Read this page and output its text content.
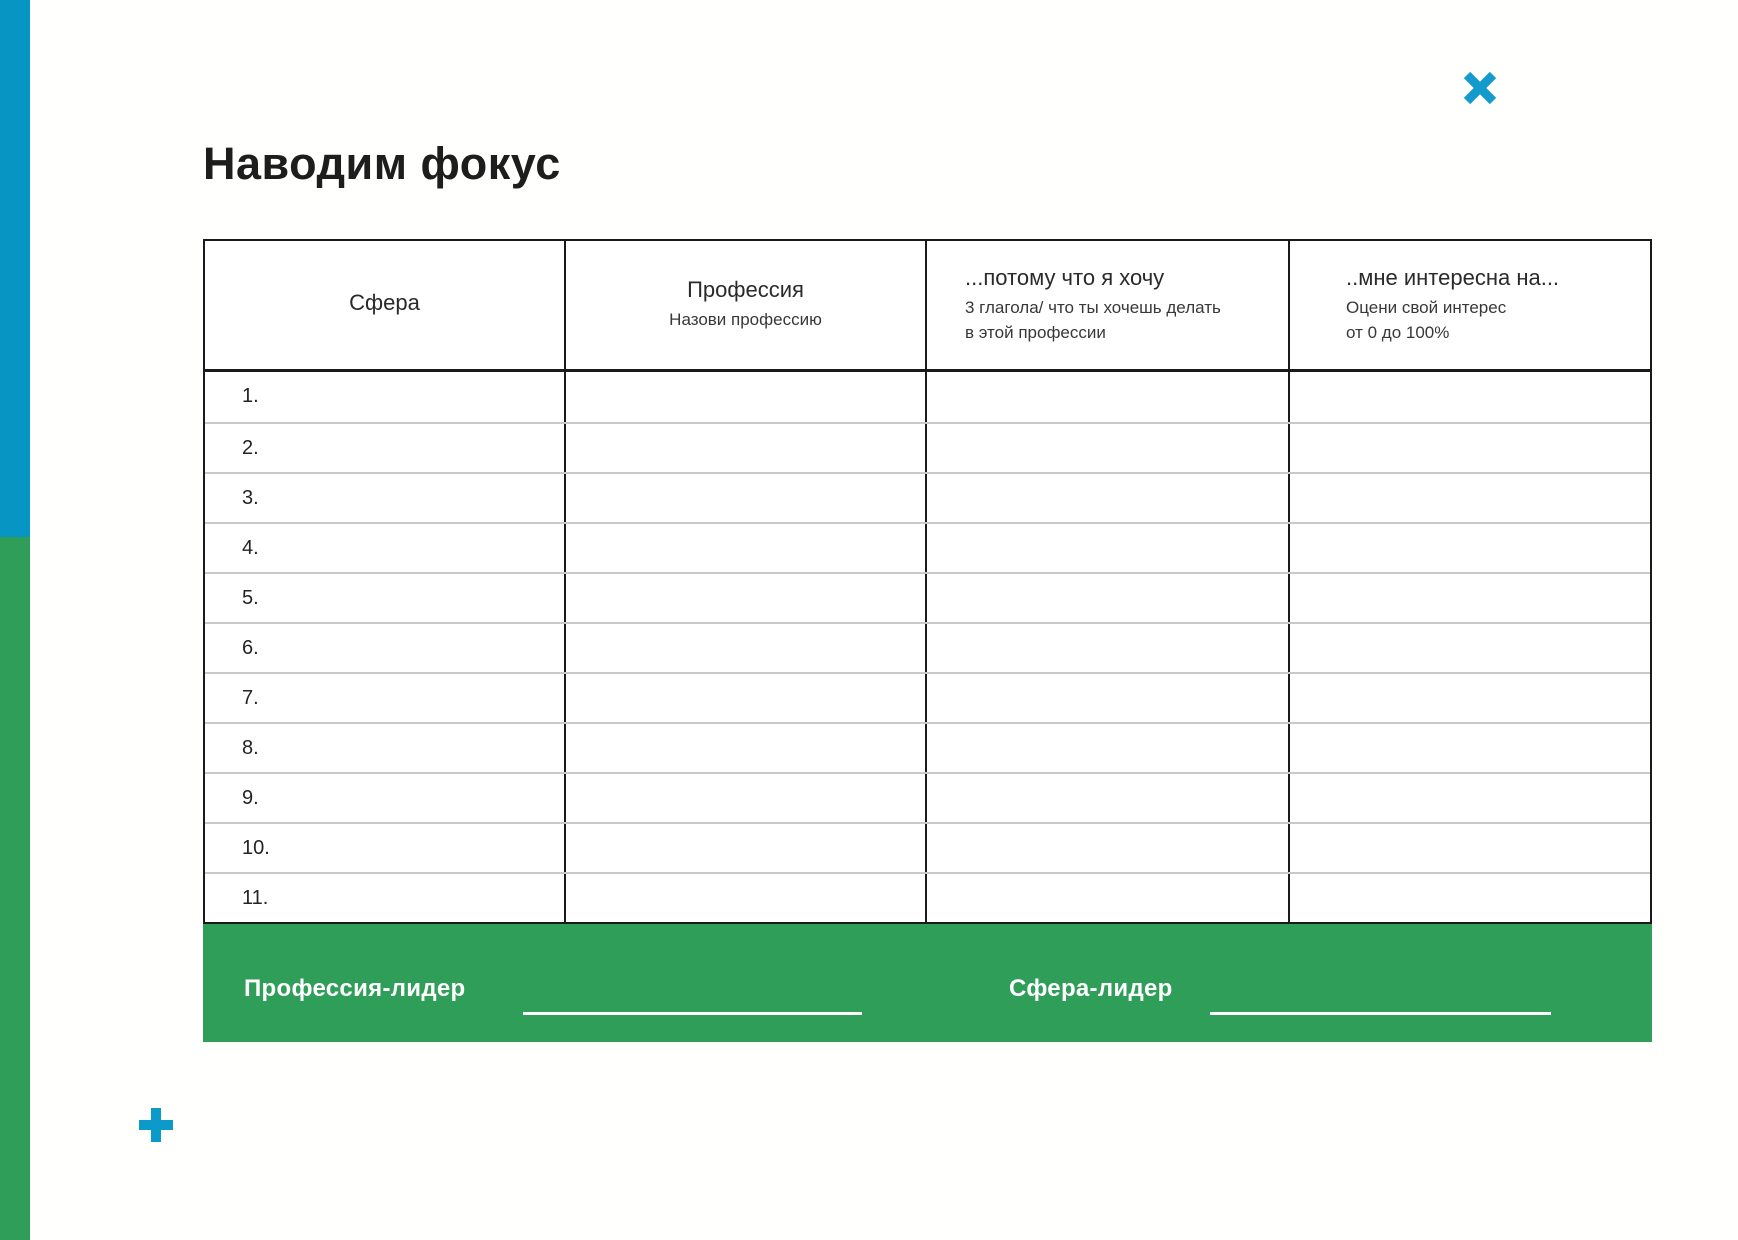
Наводим фокус
Сфера	Профессия
Назови профессию
...потому что я хочу
3 глагола/ что ты хочешь делать
в этой профессии
..мне интересна на...
Оцени свой интерес
от 0 до 100%
1.
2.
3.
4.
5.
6.
7.
8.
9.
10.
11.
Профессия-лидер	Сфера-лидер
